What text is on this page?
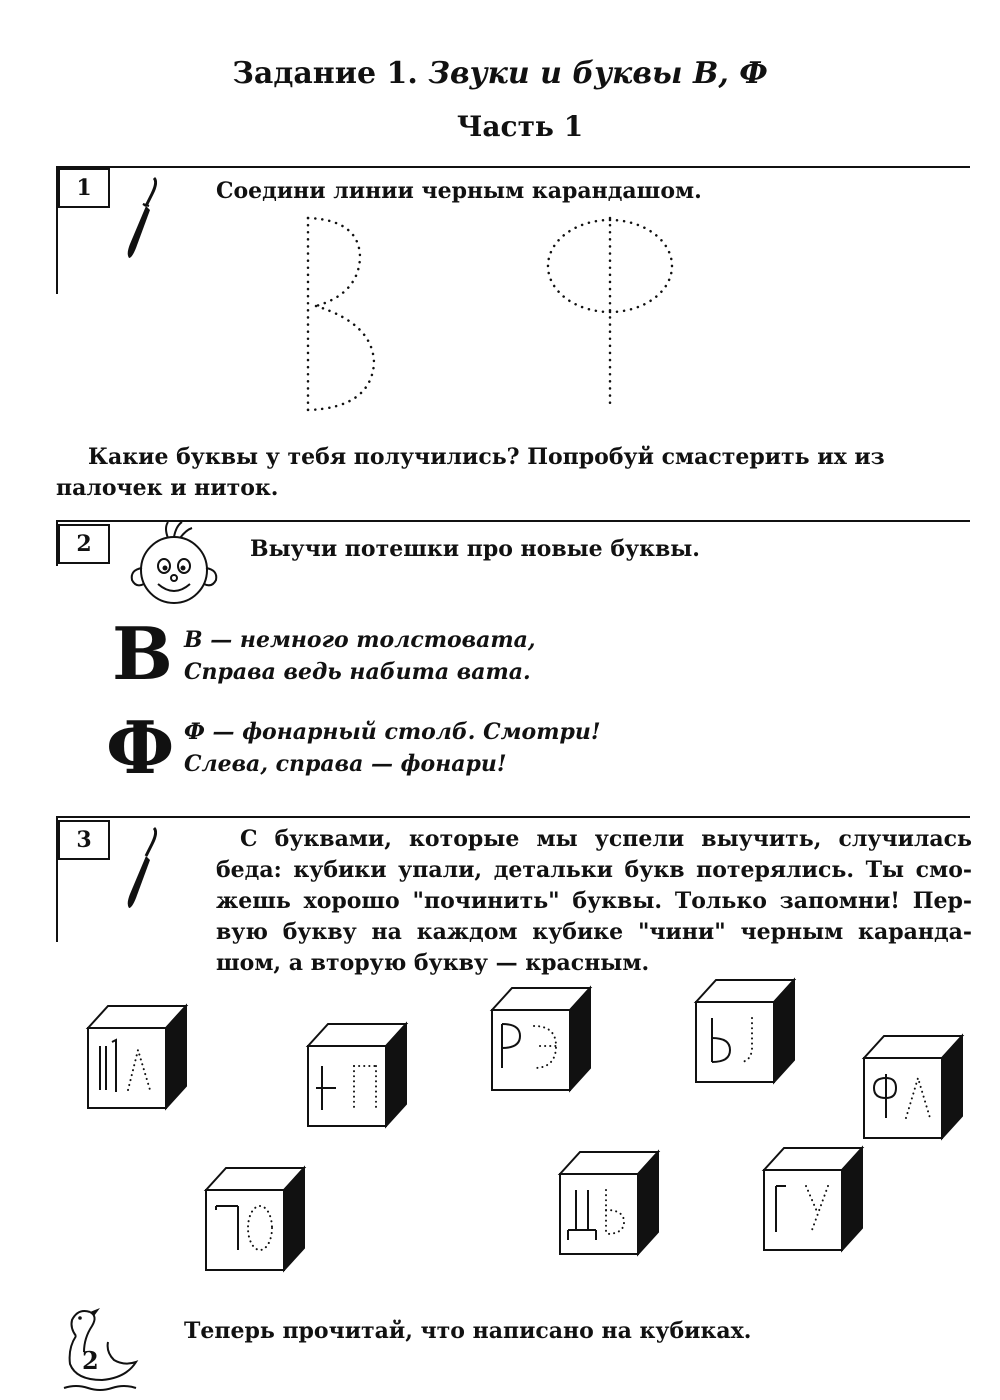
Задание 1. Звуки и буквы В, Ф
Часть 1
1	Соедини линии черным карандашом.
Какие буквы у тебя получились? Попробуй смастерить их из палочек и ниток.
2	Выучи потешки про новые буквы.
В В — немного толстовата,
Справа ведь набита вата.
Ф Ф — фонарный столб. Смотри!
Слева, справа — фонари!
3	С буквами, которые мы успели выучить, случилась беда: кубики упали, детальки букв потерялись. Ты смо-жешь хорошо "починить" буквы. Только запомни! Пер-вую букву на каждом кубике "чини" черным каранда-шом, а вторую букву — красным.
2
Теперь прочитай, что написано на кубиках.
